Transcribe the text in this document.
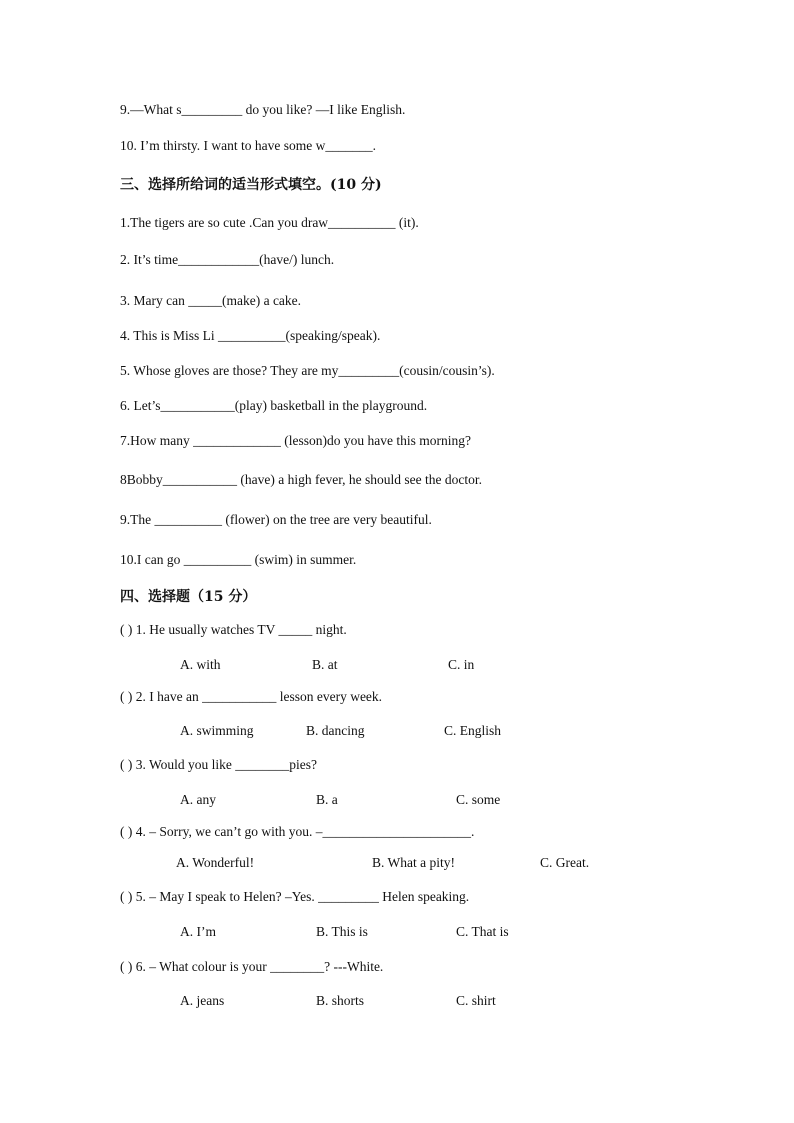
9.—What s_________ do you like? —I like English.
10. I’m thirsty. I want to have some w_______.
三、选择所给词的适当形式填空。(10 分)
1.The tigers are so cute .Can you draw__________ (it).
2. It’s time____________(have/) lunch.
3. Mary can _____(make) a cake.
4. This is Miss Li __________(speaking/speak).
5. Whose gloves are those? They are my_________(cousin/cousin’s).
6. Let’s___________(play) basketball in the playground.
7.How many _____________ (lesson)do you have this morning?
8Bobby___________ (have) a high fever, he should see the doctor.
9.The __________ (flower) on the tree are very beautiful.
10.I can go __________ (swim) in summer.
四、选择题（15 分）
( ) 1. He usually watches TV _____ night.
A. with	B. at	C. in
( ) 2. I have an ___________ lesson every week.
A. swimming	B. dancing	C. English
( ) 3. Would you like ________pies?
A. any	B. a	C. some
( ) 4. – Sorry, we can’t go with you. –______________________.
A. Wonderful!	B. What a pity!	C. Great.
( ) 5. – May I speak to Helen? –Yes. _________ Helen speaking.
A. I’m	B. This is	C. That is
( ) 6. – What colour is your ________? ---White.
A. jeans	B. shorts	C. shirt
